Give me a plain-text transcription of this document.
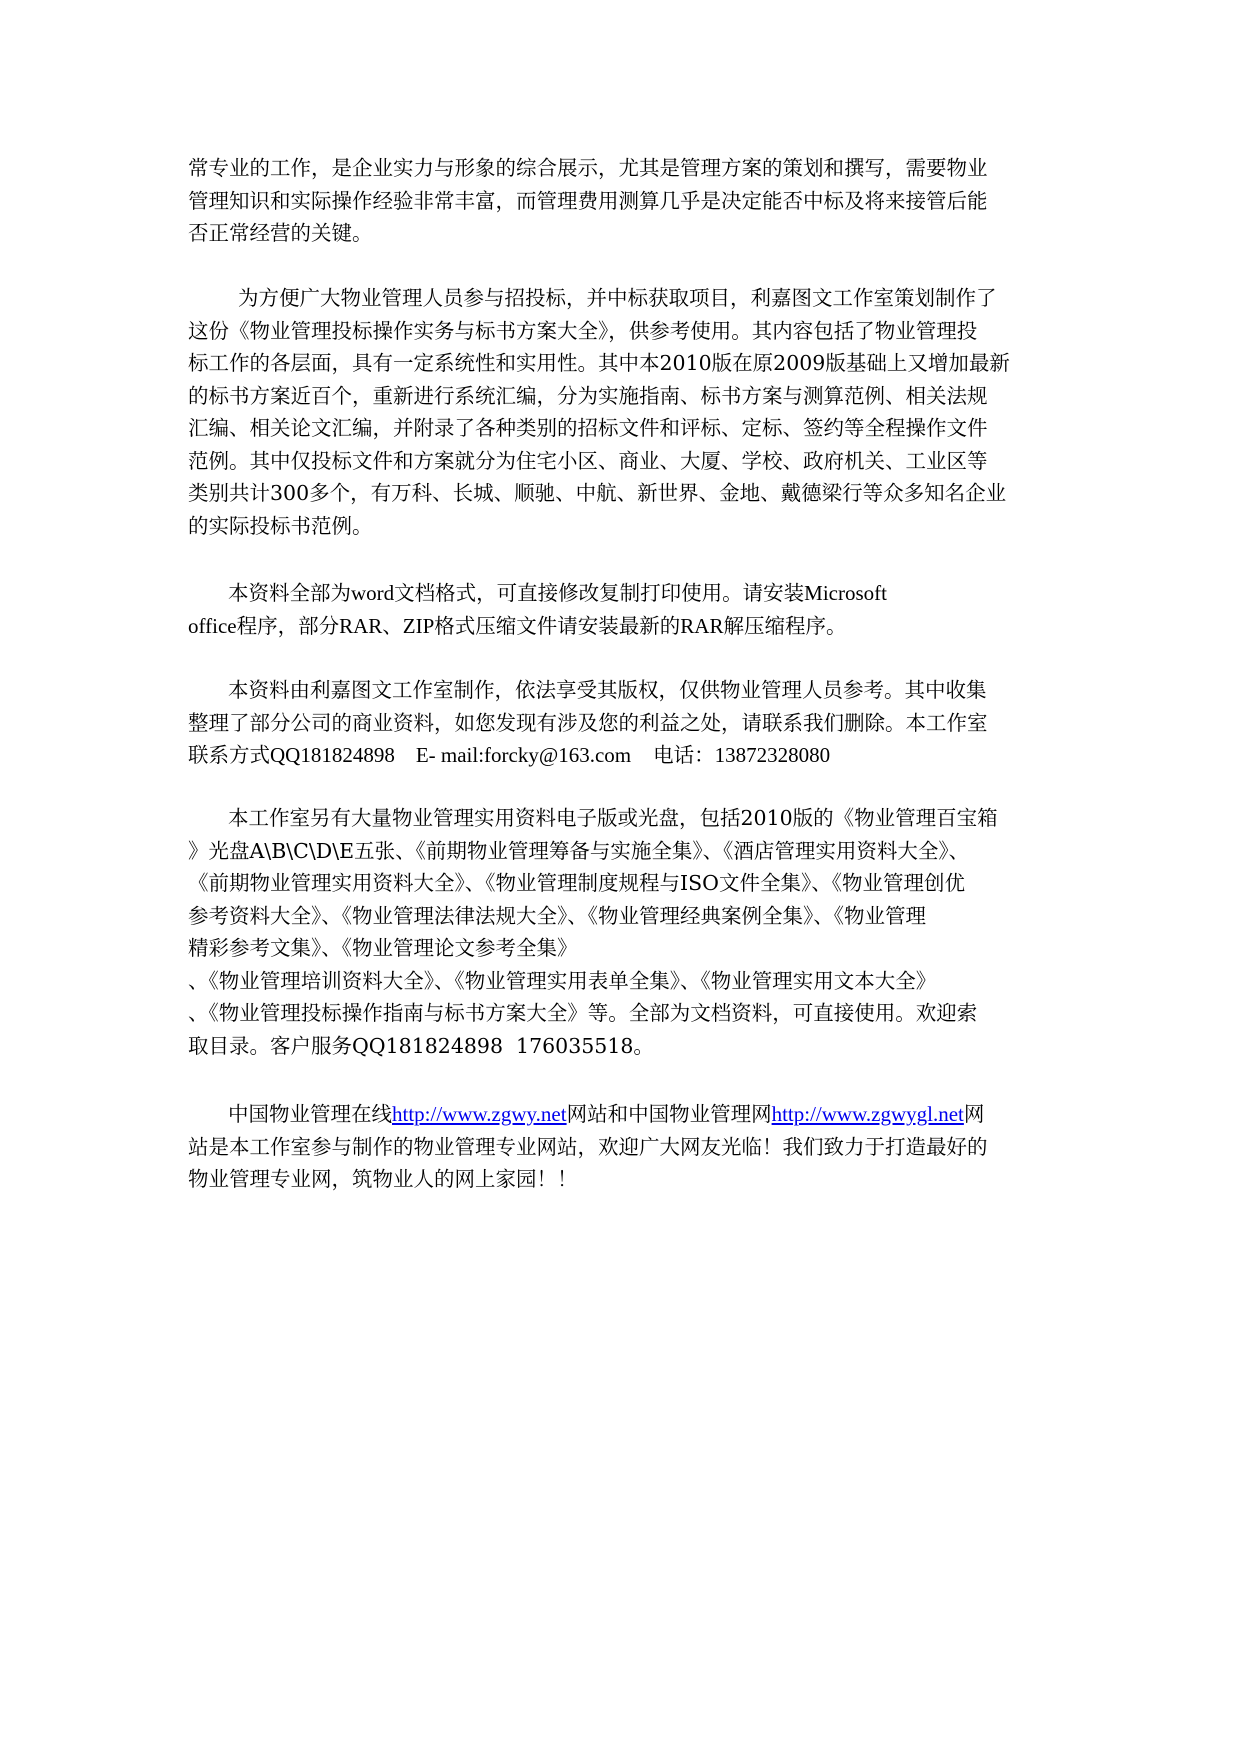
常专业的工作，是企业实力与形象的综合展示，尤其是管理方案的策划和撰写，需要物业
管理知识和实际操作经验非常丰富，而管理费用测算几乎是决定能否中标及将来接管后能
否正常经营的关键。
为方便广大物业管理人员参与招投标，并中标获取项目，利嘉图文工作室策划制作了
这份《物业管理投标操作实务与标书方案大全》，供参考使用。其内容包括了物业管理投
标工作的各层面，具有一定系统性和实用性。其中本2010版在原2009版基础上又增加最新
的标书方案近百个，重新进行系统汇编，分为实施指南、标书方案与测算范例、相关法规
汇编、相关论文汇编，并附录了各种类别的招标文件和评标、定标、签约等全程操作文件
范例。其中仅投标文件和方案就分为住宅小区、商业、大厦、学校、政府机关、工业区等
类别共计300多个，有万科、长城、顺驰、中航、新世界、金地、戴德梁行等众多知名企业
的实际投标书范例。
本资料全部为word文档格式，可直接修改复制打印使用。请安装Microsoft
office程序，部分RAR、ZIP格式压缩文件请安装最新的RAR解压缩程序。
本资料由利嘉图文工作室制作，依法享受其版权，仅供物业管理人员参考。其中收集
整理了部分公司的商业资料，如您发现有涉及您的利益之处，请联系我们删除。本工作室
联系方式QQ181824898    E- mail:forcky@163.com 电话：13872328080
本工作室另有大量物业管理实用资料电子版或光盘，包括2010版的《物业管理百宝箱
》光盘A\B\C\D\E五张、《前期物业管理筹备与实施全集》、《酒店管理实用资料大全》、
《前期物业管理实用资料大全》、《物业管理制度规程与ISO文件全集》、《物业管理创优
参考资料大全》、《物业管理法律法规大全》、《物业管理经典案例全集》、《物业管理
精彩参考文集》、《物业管理论文参考全集》
、《物业管理培训资料大全》、《物业管理实用表单全集》、《物业管理实用文本大全》
、《物业管理投标操作指南与标书方案大全》等。全部为文档资料，可直接使用。欢迎索
取目录。客户服务QQ181824898  176035518。
中国物业管理在线http://www.zgwy.net网站和中国物业管理网http://www.zgwygl.net网
站是本工作室参与制作的物业管理专业网站，欢迎广大网友光临！我们致力于打造最好的
物业管理专业网，筑物业人的网上家园！！
